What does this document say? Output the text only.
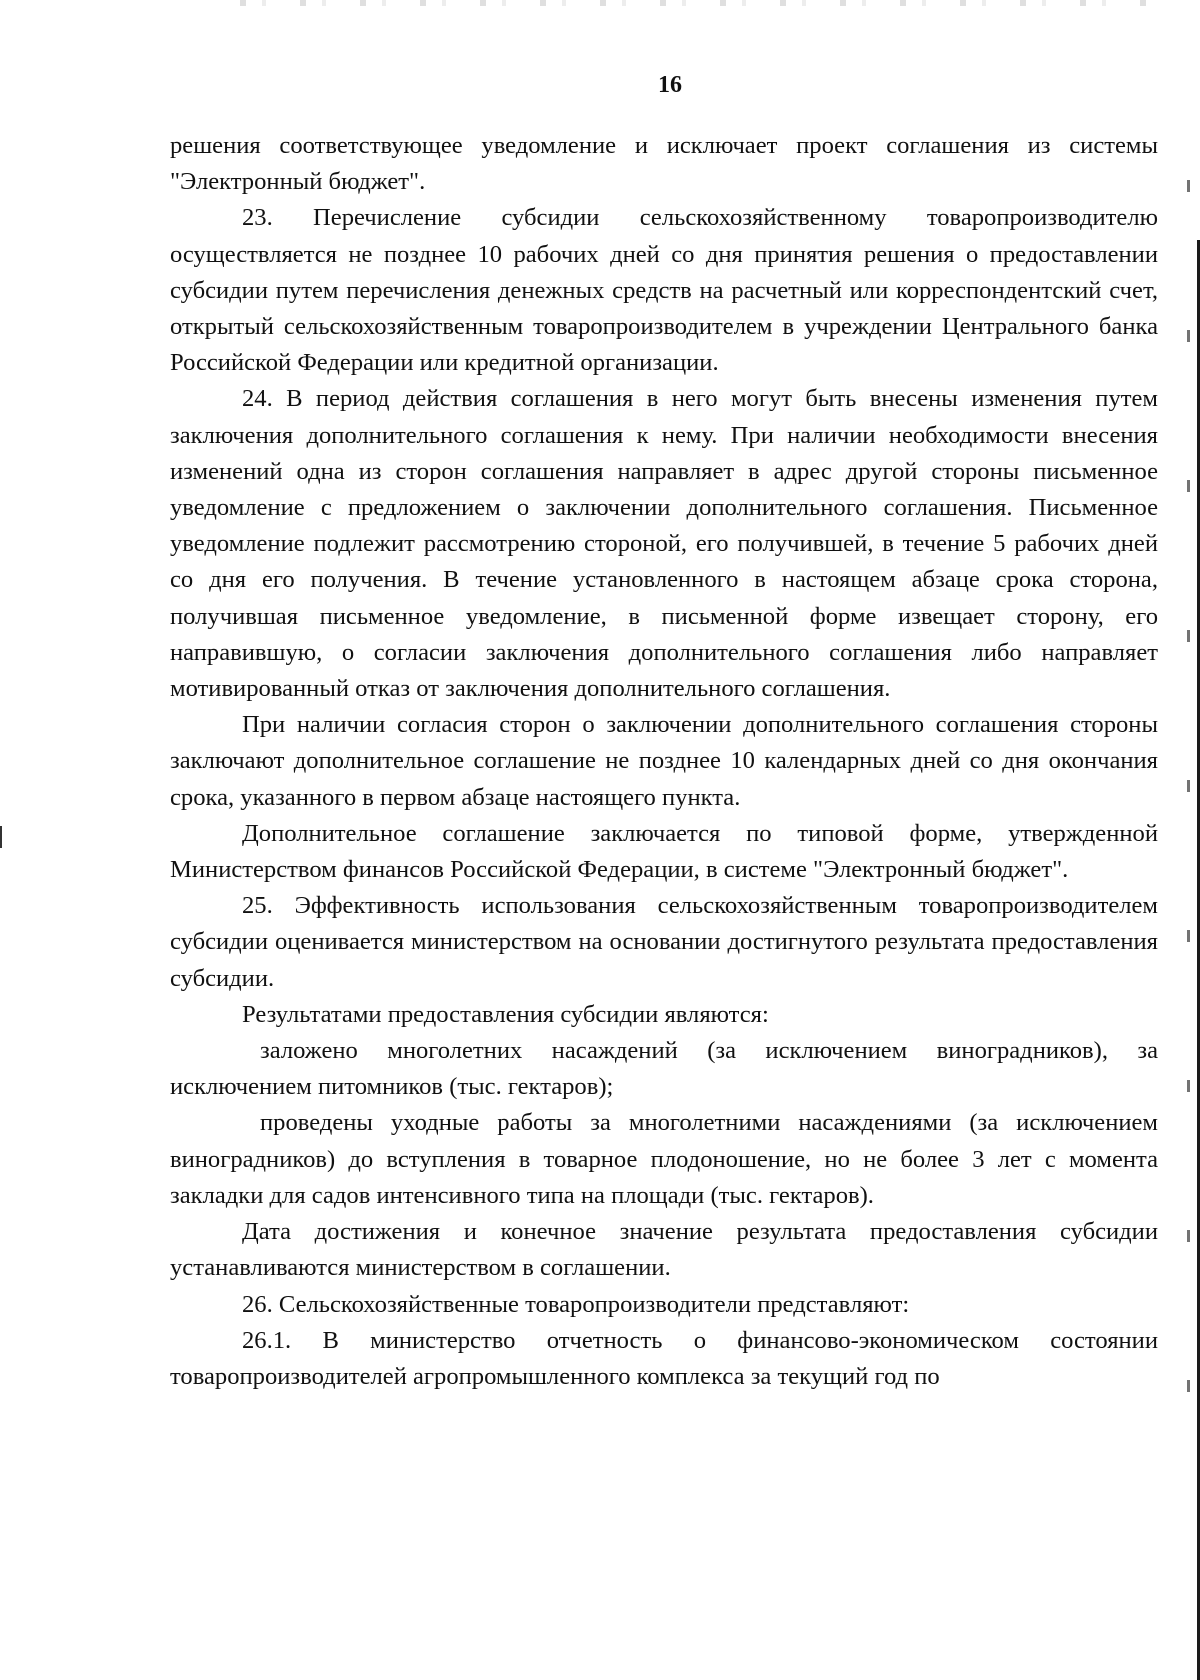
16

решения соответствующее уведомление и исключает проект соглашения из системы "Электронный бюджет".

23. Перечисление субсидии сельскохозяйственному товаропроизводителю осуществляется не позднее 10 рабочих дней со дня принятия решения о предоставлении субсидии путем перечисления денежных средств на расчетный или корреспондентский счет, открытый сельскохозяйственным товаропроизводителем в учреждении Центрального банка Российской Федерации или кредитной организации.

24. В период действия соглашения в него могут быть внесены изменения путем заключения дополнительного соглашения к нему. При наличии необходимости внесения изменений одна из сторон соглашения направляет в адрес другой стороны письменное уведомление с предложением о заключении дополнительного соглашения. Письменное уведомление подлежит рассмотрению стороной, его получившей, в течение 5 рабочих дней со дня его получения. В течение установленного в настоящем абзаце срока сторона, получившая письменное уведомление, в письменной форме извещает сторону, его направившую, о согласии заключения дополнительного соглашения либо направляет мотивированный отказ от заключения дополнительного соглашения.

При наличии согласия сторон о заключении дополнительного соглашения стороны заключают дополнительное соглашение не позднее 10 календарных дней со дня окончания срока, указанного в первом абзаце настоящего пункта.

Дополнительное соглашение заключается по типовой форме, утвержденной Министерством финансов Российской Федерации, в системе "Электронный бюджет".

25. Эффективность использования сельскохозяйственным товаропроизводителем субсидии оценивается министерством на основании достигнутого результата предоставления субсидии.

Результатами предоставления субсидии являются:

заложено многолетних насаждений (за исключением виноградников), за исключением питомников (тыс. гектаров);

проведены уходные работы за многолетними насаждениями (за исключением виноградников) до вступления в товарное плодоношение, но не более 3 лет с момента закладки для садов интенсивного типа на площади (тыс. гектаров).

Дата достижения и конечное значение результата предоставления субсидии устанавливаются министерством в соглашении.

26. Сельскохозяйственные товаропроизводители представляют:

26.1. В министерство отчетность о финансово-экономическом состоянии товаропроизводителей агропромышленного комплекса за текущий год по
